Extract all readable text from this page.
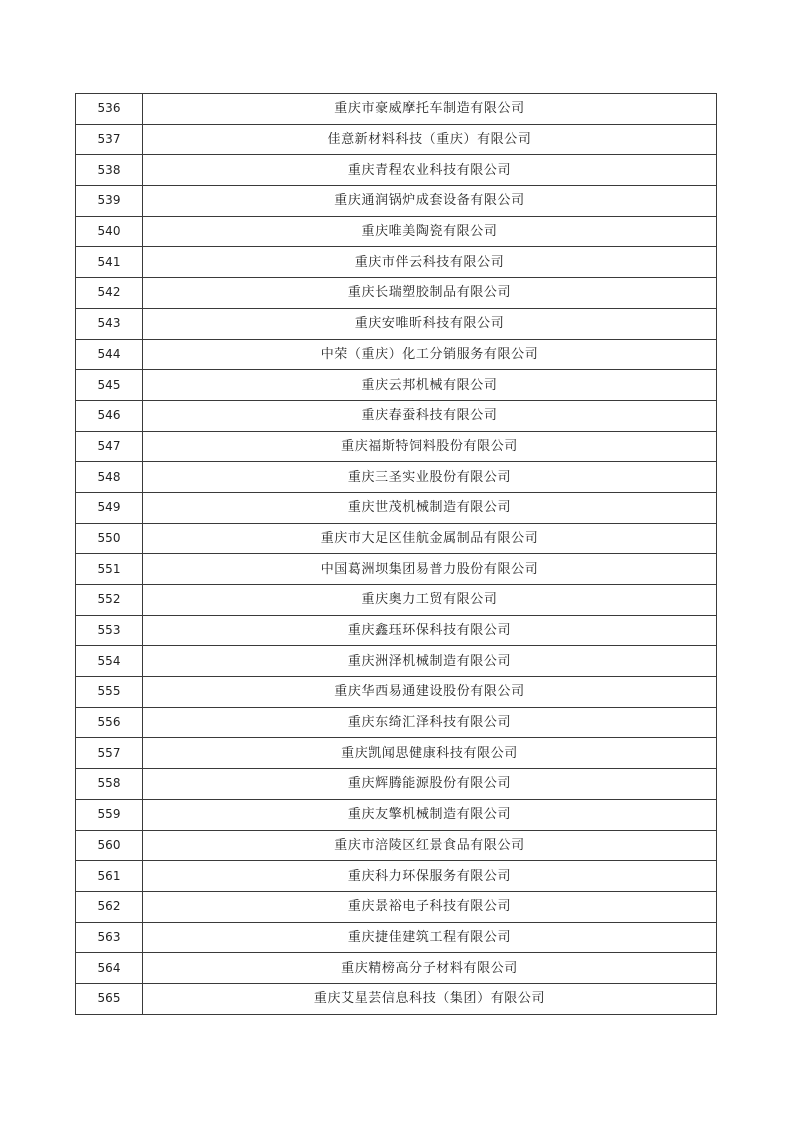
536	重庆市豪威摩托车制造有限公司
537	佳意新材料科技（重庆）有限公司
538	重庆青程农业科技有限公司
539	重庆通润锅炉成套设备有限公司
540	重庆唯美陶瓷有限公司
541	重庆市伴云科技有限公司
542	重庆长瑞塑胶制品有限公司
543	重庆安唯昕科技有限公司
544	中荣（重庆）化工分销服务有限公司
545	重庆云邦机械有限公司
546	重庆春蚕科技有限公司
547	重庆福斯特饲料股份有限公司
548	重庆三圣实业股份有限公司
549	重庆世茂机械制造有限公司
550	重庆市大足区佳航金属制品有限公司
551	中国葛洲坝集团易普力股份有限公司
552	重庆奥力工贸有限公司
553	重庆鑫珏环保科技有限公司
554	重庆洲泽机械制造有限公司
555	重庆华西易通建设股份有限公司
556	重庆东绮汇泽科技有限公司
557	重庆凯闻思健康科技有限公司
558	重庆辉腾能源股份有限公司
559	重庆友擎机械制造有限公司
560	重庆市涪陵区红景食品有限公司
561	重庆科力环保服务有限公司
562	重庆景裕电子科技有限公司
563	重庆捷佳建筑工程有限公司
564	重庆精榜高分子材料有限公司
565	重庆艾星芸信息科技（集团）有限公司
